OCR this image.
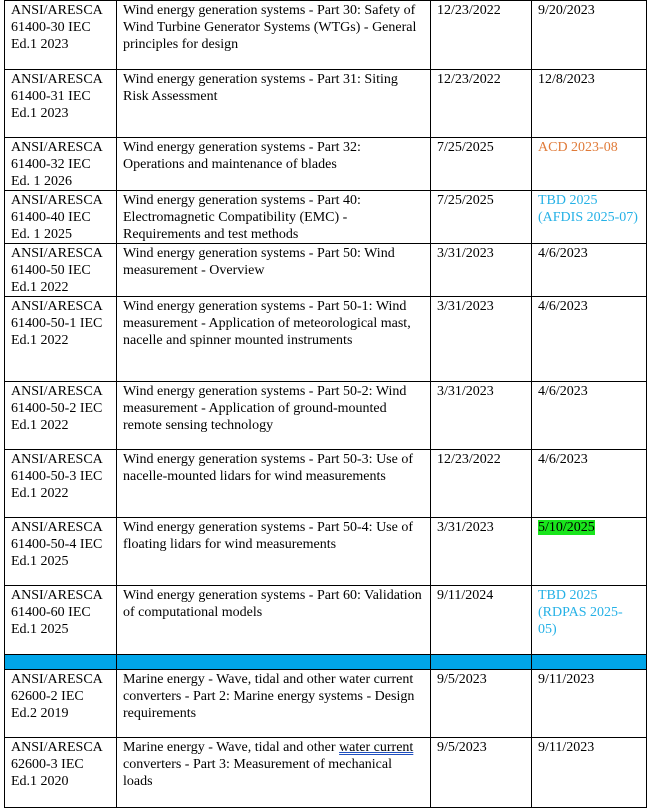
ANSI/ARESCA 61400-30 IEC Ed.1 2023	Wind energy generation systems - Part 30: Safety of Wind Turbine Generator Systems (WTGs) - General principles for design	12/23/2022	9/20/2023
ANSI/ARESCA 61400-31 IEC Ed.1 2023	Wind energy generation systems - Part 31: Siting Risk Assessment	12/23/2022	12/8/2023
ANSI/ARESCA 61400-32 IEC Ed. 1 2026	Wind energy generation systems - Part 32: Operations and maintenance of blades	7/25/2025	ACD 2023-08
ANSI/ARESCA 61400-40 IEC Ed. 1 2025	Wind energy generation systems - Part 40: Electromagnetic Compatibility (EMC) - Requirements and test methods	7/25/2025	TBD 2025 (AFDIS 2025-07)
ANSI/ARESCA 61400-50 IEC Ed.1 2022	Wind energy generation systems - Part 50: Wind measurement - Overview	3/31/2023	4/6/2023
ANSI/ARESCA 61400-50-1 IEC Ed.1 2022	Wind energy generation systems - Part 50-1: Wind measurement - Application of meteorological mast, nacelle and spinner mounted instruments	3/31/2023	4/6/2023
ANSI/ARESCA 61400-50-2 IEC Ed.1 2022	Wind energy generation systems - Part 50-2: Wind measurement - Application of ground-mounted remote sensing technology	3/31/2023	4/6/2023
ANSI/ARESCA 61400-50-3 IEC Ed.1 2022	Wind energy generation systems - Part 50-3: Use of nacelle-mounted lidars for wind measurements	12/23/2022	4/6/2023
ANSI/ARESCA 61400-50-4 IEC Ed.1 2025	Wind energy generation systems - Part 50-4: Use of floating lidars for wind measurements	3/31/2023	5/10/2025
ANSI/ARESCA 61400-60 IEC Ed.1 2025	Wind energy generation systems - Part 60: Validation of computational models	9/11/2024	TBD 2025 (RDPAS 2025-05)

ANSI/ARESCA 62600-2 IEC Ed.2 2019	Marine energy - Wave, tidal and other water current converters - Part 2: Marine energy systems - Design requirements	9/5/2023	9/11/2023
ANSI/ARESCA 62600-3 IEC Ed.1 2020	Marine energy - Wave, tidal and other water current converters - Part 3: Measurement of mechanical loads	9/5/2023	9/11/2023
